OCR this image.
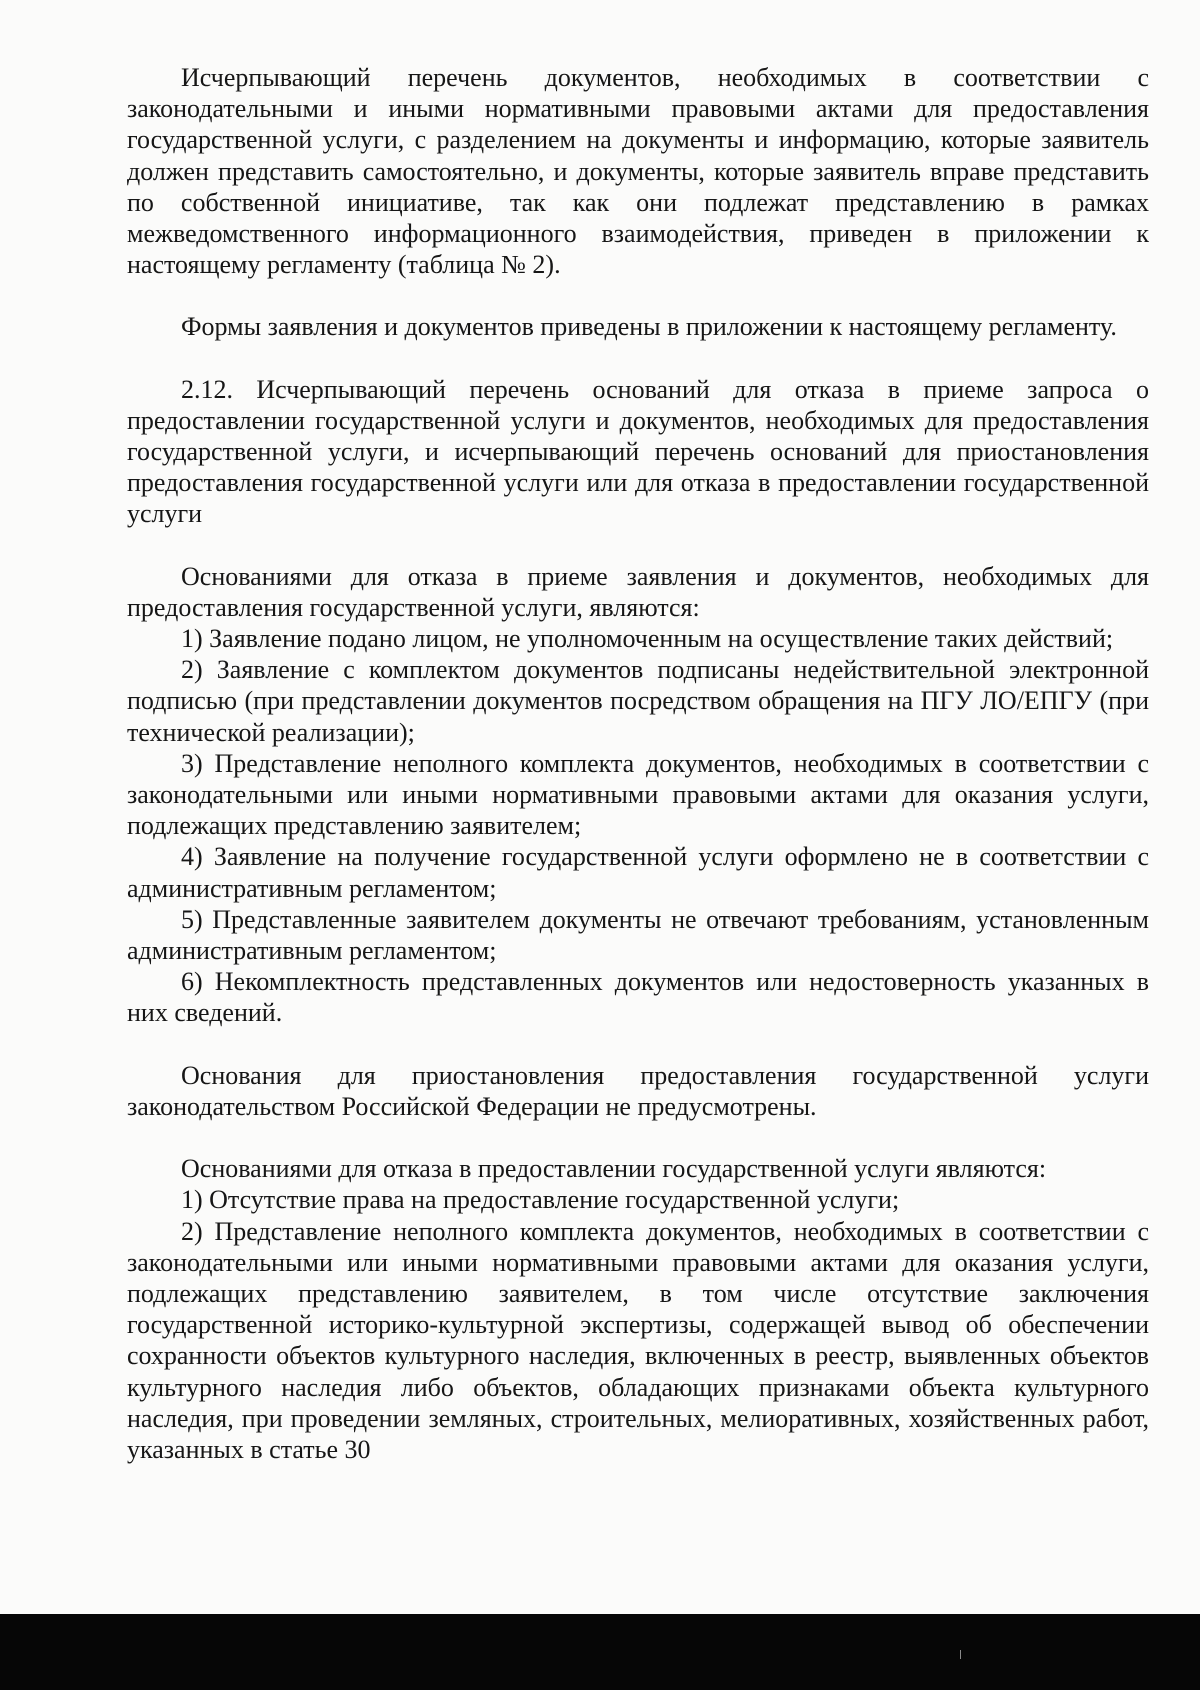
Исчерпывающий перечень документов, необходимых в соответствии с законодательными и иными нормативными правовыми актами для предоставления государственной услуги, с разделением на документы и информацию, которые заявитель должен представить самостоятельно, и документы, которые заявитель вправе представить по собственной инициативе, так как они подлежат представлению в рамках межведомственного информационного взаимодействия, приведен в приложении к настоящему регламенту (таблица № 2).

Формы заявления и документов приведены в приложении к настоящему регламенту.

2.12. Исчерпывающий перечень оснований для отказа в приеме запроса о предоставлении государственной услуги и документов, необходимых для предоставления государственной услуги, и исчерпывающий перечень оснований для приостановления предоставления государственной услуги или для отказа в предоставлении государственной услуги

Основаниями для отказа в приеме заявления и документов, необходимых для предоставления государственной услуги, являются:

1) Заявление подано лицом, не уполномоченным на осуществление таких действий;

2) Заявление с комплектом документов подписаны недействительной электронной подписью (при представлении документов посредством обращения на ПГУ ЛО/ЕПГУ (при технической реализации);

3) Представление неполного комплекта документов, необходимых в соответствии с законодательными или иными нормативными правовыми актами для оказания услуги, подлежащих представлению заявителем;

4) Заявление на получение государственной услуги оформлено не в соответствии с административным регламентом;

5) Представленные заявителем документы не отвечают требованиям, установленным административным регламентом;

6) Некомплектность представленных документов или недостоверность указанных в них сведений.

Основания для приостановления предоставления государственной услуги законодательством Российской Федерации не предусмотрены.

Основаниями для отказа в предоставлении государственной услуги являются:

1) Отсутствие права на предоставление государственной услуги;

2) Представление неполного комплекта документов, необходимых в соответствии с законодательными или иными нормативными правовыми актами для оказания услуги, подлежащих представлению заявителем, в том числе отсутствие заключения государственной историко-культурной экспертизы, содержащей вывод об обеспечении сохранности объектов культурного наследия, включенных в реестр, выявленных объектов культурного наследия либо объектов, обладающих признаками объекта культурного наследия, при проведении земляных, строительных, мелиоративных, хозяйственных работ, указанных в статье 30
